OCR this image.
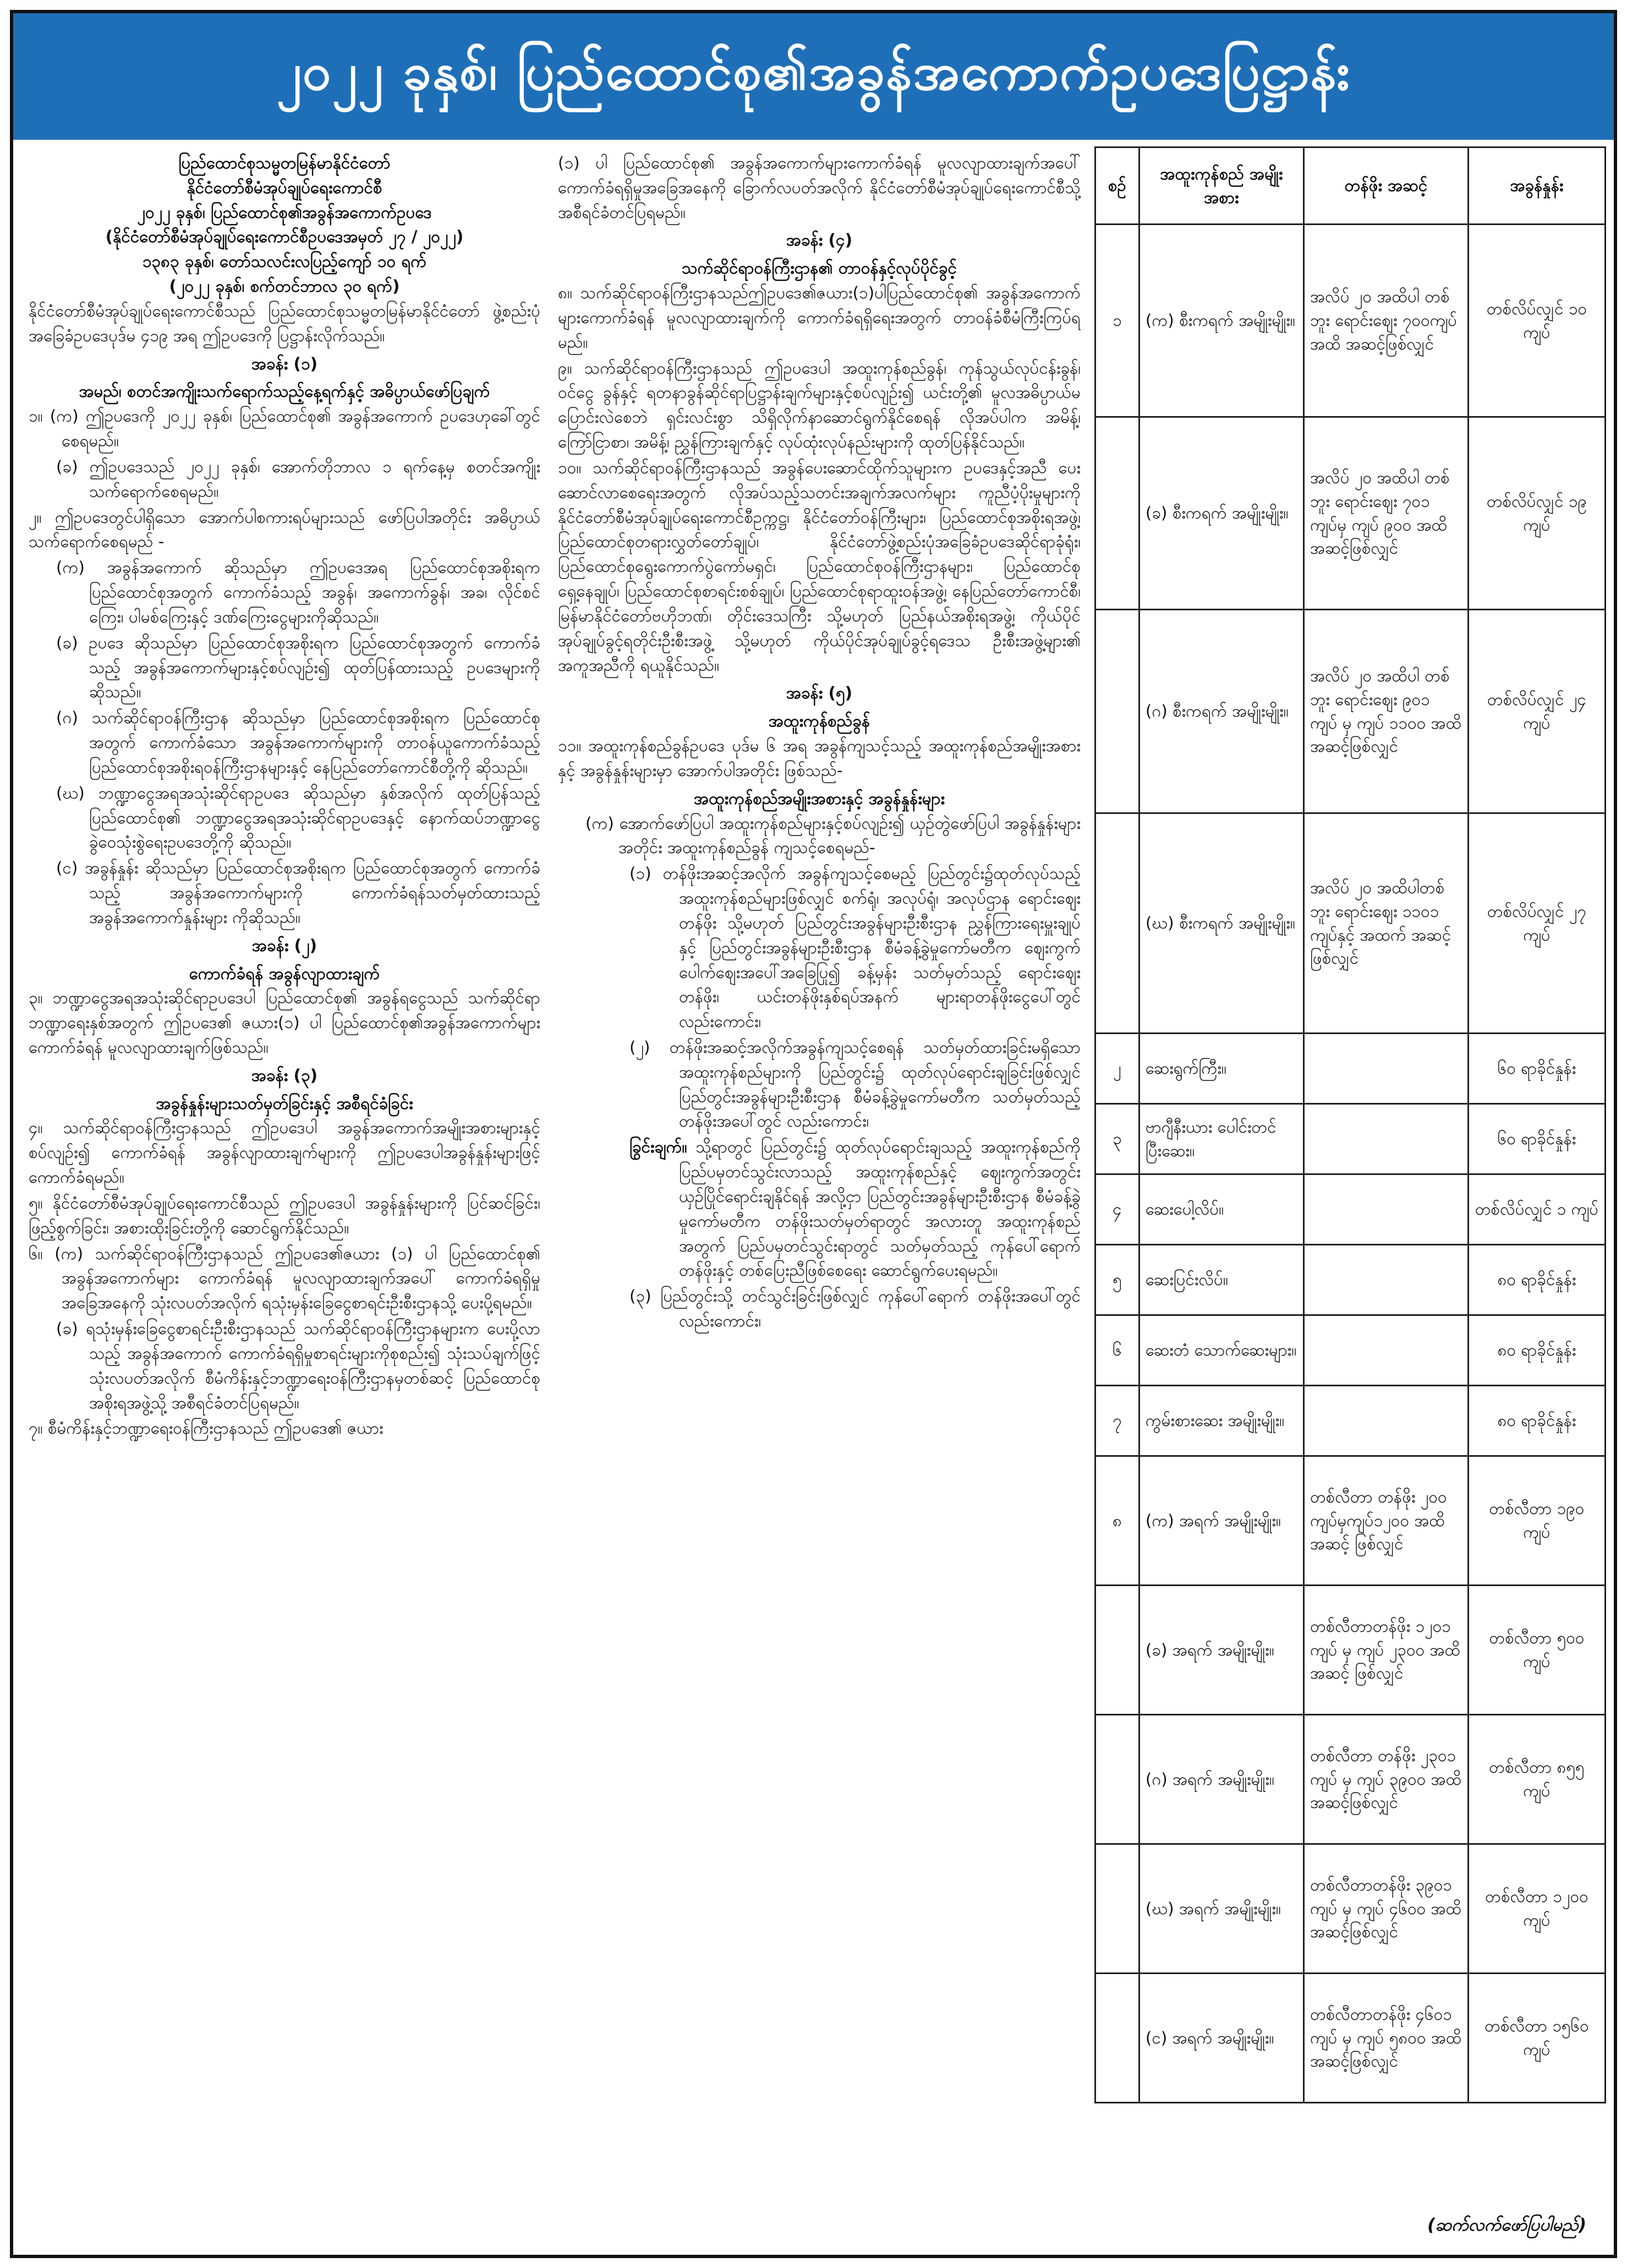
၂၀၂၂ ခုနှစ်၊ ပြည်ထောင်စု၏အခွန်အကောက်ဥပဒေပြဋ္ဌာန်း
ပြည်ထောင်စုသမ္မတမြန်မာနိုင်ငံတော်
နိုင်ငံတော်စီမံအုပ်ချုပ်ရေးကောင်စီ
၂၀၂၂ ခုနှစ်၊ ပြည်ထောင်စု၏အခွန်အကောက်ဥပဒေ
(နိုင်ငံတော်စီမံအုပ်ချုပ်ရေးကောင်စီဥပဒေအမှတ် ၂၇ / ၂၀၂၂)
၁၃၈၃ ခုနှစ်၊ တော်သလင်းလပြည့်ကျော် ၁၀ ရက်
(၂၀၂၂ ခုနှစ်၊ စက်တင်ဘာလ ၃၀ ရက်)

နိုင်ငံတော်စီမံအုပ်ချုပ်ရေးကောင်စီသည် ပြည်ထောင်စုသမ္မတမြန်မာနိုင်ငံတော် ဖွဲ့စည်းပုံအခြေခံဥပဒေပုဒ်မ ၄၁၉ အရ ဤဥပဒေကို ပြဋ္ဌာန်းလိုက်သည်။

အခန်း (၁)
အမည်၊ စတင်အကျိုးသက်ရောက်သည့်နေ့ရက်နှင့် အဓိပ္ပာယ်ဖော်ပြချက်

၁။ (က) ဤဥပဒေကို ၂၀၂၂ ခုနှစ်၊ ပြည်ထောင်စု၏ အခွန်အကောက် ဥပဒေဟုခေါ်တွင်စေရမည်။

(ခ) ဤဥပဒေသည် ၂၀၂၂ ခုနှစ်၊ အောက်တိုဘာလ ၁ ရက်နေ့မှ စတင်အကျိုးသက်ရောက်စေရမည်။

၂။ ဤဥပဒေတွင်ပါရှိသော အောက်ပါစကားရပ်များသည် ဖော်ပြပါအတိုင်း အဓိပ္ပာယ် သက်ရောက်စေရမည် -

(က) အခွန်အကောက် ဆိုသည်မှာ ဤဥပဒေအရ ပြည်ထောင်စုအစိုးရက ပြည်ထောင်စုအတွက် ကောက်ခံသည့် အခွန်၊ အကောက်ခွန်၊ အခ၊ လိုင်စင်ကြေး၊ ပါမစ်ကြေးနှင့် ဒဏ်ကြေးငွေများကိုဆိုသည်။

(ခ) ဥပဒေ ဆိုသည်မှာ ပြည်ထောင်စုအစိုးရက ပြည်ထောင်စုအတွက် ကောက်ခံသည့် အခွန်အကောက်များနှင့်စပ်လျဉ်း၍ ထုတ်ပြန်ထားသည့် ဥပဒေများကိုဆိုသည်။

(ဂ) သက်ဆိုင်ရာဝန်ကြီးဌာန ဆိုသည်မှာ ပြည်ထောင်စုအစိုးရက ပြည်ထောင်စုအတွက် ကောက်ခံသော အခွန်အကောက်များကို တာဝန်ယူကောက်ခံသည့်ပြည်ထောင်စုအစိုးရဝန်ကြီးဌာနများနှင့် နေပြည်တော်ကောင်စီတို့ကို ဆိုသည်။

(ဃ) ဘဏ္ဍာငွေအရအသုံးဆိုင်ရာဥပဒေ ဆိုသည်မှာ နှစ်အလိုက် ထုတ်ပြန်သည့် ပြည်ထောင်စု၏ ဘဏ္ဍာငွေအရအသုံးဆိုင်ရာဥပဒေနှင့် နောက်ထပ်ဘဏ္ဍာငွေခွဲဝေသုံးစွဲရေးဥပဒေတို့ကို ဆိုသည်။

(င) အခွန်နှုန်း ဆိုသည်မှာ ပြည်ထောင်စုအစိုးရက ပြည်ထောင်စုအတွက် ကောက်ခံသည့် အခွန်အကောက်များကို ကောက်ခံရန်သတ်မှတ်ထားသည့်အခွန်အကောက်နှုန်းများ ကိုဆိုသည်။

အခန်း (၂)
ကောက်ခံရန် အခွန်လျာထားချက်

၃။ ဘဏ္ဍာငွေအရအသုံးဆိုင်ရာဥပဒေပါ ပြည်ထောင်စု၏ အခွန်ရငွေသည် သက်ဆိုင်ရာ ဘဏ္ဍာရေးနှစ်အတွက် ဤဥပဒေ၏ ဇယား(၁) ပါ ပြည်ထောင်စု၏အခွန်အကောက်များ ကောက်ခံရန် မူလလျာထားချက်ဖြစ်သည်။

အခန်း (၃)
အခွန်နှုန်းများသတ်မှတ်ခြင်းနှင့် အစီရင်ခံခြင်း

၄။ သက်ဆိုင်ရာဝန်ကြီးဌာနသည် ဤဥပဒေပါ အခွန်အကောက်အမျိုးအစားများနှင့်စပ်လျဉ်း၍ ကောက်ခံရန် အခွန်လျာထားချက်များကို ဤဥပဒေပါအခွန်နှုန်းများဖြင့် ကောက်ခံရမည်။

၅။ နိုင်ငံတော်စီမံအုပ်ချုပ်ရေးကောင်စီသည် ဤဥပဒေပါ အခွန်နှုန်းများကို ပြင်ဆင်ခြင်း၊ ဖြည့်စွက်ခြင်း၊ အစားထိုးခြင်းတို့ကို ဆောင်ရွက်နိုင်သည်။

၆။ (က) သက်ဆိုင်ရာဝန်ကြီးဌာနသည် ဤဥပဒေ၏ဇယား (၁) ပါ ပြည်ထောင်စု၏ အခွန်အကောက်များ ကောက်ခံရန် မူလလျာထားချက်အပေါ် ကောက်ခံရရှိမှုအခြေအနေကို သုံးလပတ်အလိုက် ရသုံးမှန်းခြေငွေစာရင်းဦးစီးဌာနသို့ ပေးပို့ရမည်။

(ခ) ရသုံးမှန်းခြေငွေစာရင်းဦးစီးဌာနသည် သက်ဆိုင်ရာဝန်ကြီးဌာနများက ပေးပို့လာသည့် အခွန်အကောက် ကောက်ခံရရှိမှုစာရင်းများကိုစုစည်း၍ သုံးသပ်ချက်ဖြင့် သုံးလပတ်အလိုက် စီမံကိန်းနှင့်ဘဏ္ဍာရေးဝန်ကြီးဌာနမှတစ်ဆင့် ပြည်ထောင်စုအစိုးရအဖွဲ့သို့ အစီရင်ခံတင်ပြရမည်။

၇။ စီမံကိန်းနှင့်ဘဏ္ဍာရေးဝန်ကြီးဌာနသည် ဤဥပဒေ၏ ဇယား

(၁) ပါ ပြည်ထောင်စု၏ အခွန်အကောက်များကောက်ခံရန် မူလလျာထားချက်အပေါ် ကောက်ခံရရှိမှုအခြေအနေကို ခြောက်လပတ်အလိုက် နိုင်ငံတော်စီမံအုပ်ချုပ်ရေးကောင်စီသို့ အစီရင်ခံတင်ပြရမည်။

အခန်း (၄)
သက်ဆိုင်ရာဝန်ကြီးဌာန၏ တာဝန်နှင့်လုပ်ပိုင်ခွင့်

၈။ သက်ဆိုင်ရာဝန်ကြီးဌာနသည်ဤဥပဒေ၏ဇယား(၁)ပါပြည်ထောင်စု၏ အခွန်အကောက်များကောက်ခံရန် မူလလျာထားချက်ကို ကောက်ခံရရှိရေးအတွက် တာဝန်ခံစီမံကြီးကြပ်ရမည်။

၉။ သက်ဆိုင်ရာဝန်ကြီးဌာနသည် ဤဥပဒေပါ အထူးကုန်စည်ခွန်၊ ကုန်သွယ်လုပ်ငန်းခွန်၊ ဝင်ငွေ ခွန်နှင့် ရတနာခွန်ဆိုင်ရာပြဋ္ဌာန်းချက်များနှင့်စပ်လျဉ်း၍ ယင်းတို့၏ မူလအဓိပ္ပာယ်မပြောင်းလဲစေဘဲ ရှင်းလင်းစွာ သိရှိလိုက်နာဆောင်ရွက်နိုင်စေရန် လိုအပ်ပါက အမိန့်၊ ကြော်ငြာစာ၊ အမိန့်၊ ညွှန်ကြားချက်နှင့် လုပ်ထုံးလုပ်နည်းများကို ထုတ်ပြန်နိုင်သည်။

၁၀။ သက်ဆိုင်ရာဝန်ကြီးဌာနသည် အခွန်ပေးဆောင်ထိုက်သူများက ဥပဒေနှင့်အညီ ပေးဆောင်လာစေရေးအတွက် လိုအပ်သည့်သတင်းအချက်အလက်များ ကူညီပံ့ပိုးမှုများကို နိုင်ငံတော်စီမံအုပ်ချုပ်ရေးကောင်စီဥက္ကဋ္ဌ၊ နိုင်ငံတော်ဝန်ကြီးများ၊ ပြည်ထောင်စုအစိုးရအဖွဲ့၊ ပြည်ထောင်စုတရားလွှတ်တော်ချုပ်၊ နိုင်ငံတော်ဖွဲ့စည်းပုံအခြေခံဥပဒေဆိုင်ရာခုံရုံး၊ ပြည်ထောင်စုရွေးကောက်ပွဲကော်မရှင်၊ ပြည်ထောင်စုဝန်ကြီးဌာနများ၊ ပြည်ထောင်စုရှေ့နေချုပ်၊ ပြည်ထောင်စုစာရင်းစစ်ချုပ်၊ ပြည်ထောင်စုရာထူးဝန်အဖွဲ့၊ နေပြည်တော်ကောင်စီ၊ မြန်မာနိုင်ငံတော်ဗဟိုဘဏ်၊ တိုင်းဒေသကြီး သို့မဟုတ် ပြည်နယ်အစိုးရအဖွဲ့၊ ကိုယ်ပိုင်အုပ်ချုပ်ခွင့်ရတိုင်းဦးစီးအဖွဲ့ သို့မဟုတ် ကိုယ်ပိုင်အုပ်ချုပ်ခွင့်ရဒေသ ဦးစီးအဖွဲ့များ၏ အကူအညီကို ရယူနိုင်သည်။

အခန်း (၅)
အထူးကုန်စည်ခွန်

၁၁။ အထူးကုန်စည်ခွန်ဥပဒေ ပုဒ်မ ၆ အရ အခွန်ကျသင့်သည့် အထူးကုန်စည်အမျိုးအစားနှင့် အခွန်နှုန်းများမှာ အောက်ပါအတိုင်း ဖြစ်သည်-

အထူးကုန်စည်အမျိုးအစားနှင့် အခွန်နှုန်းများ

(က) အောက်ဖော်ပြပါ အထူးကုန်စည်များနှင့်စပ်လျဉ်း၍ ယှဉ်တွဲဖော်ပြပါ အခွန်နှုန်းများအတိုင်း အထူးကုန်စည်ခွန် ကျသင့်စေရမည်-

(၁) တန်ဖိုးအဆင့်အလိုက် အခွန်ကျသင့်စေမည့် ပြည်တွင်း၌ထုတ်လုပ်သည့် အထူးကုန်စည်များဖြစ်လျှင် စက်ရုံ၊ အလုပ်ရုံ၊ အလုပ်ဌာန ရောင်းဈေးတန်ဖိုး သို့မဟုတ် ပြည်တွင်းအခွန်များဦးစီးဌာန ညွှန်ကြားရေးမှူးချုပ်နှင့် ပြည်တွင်းအခွန်များဦးစီးဌာန စီမံခန့်ခွဲမှုကော်မတီက ဈေးကွက်ပေါက်ဈေးအပေါ်အခြေပြု၍ ခန့်မှန်း သတ်မှတ်သည့် ရောင်းဈေးတန်ဖိုး၊ ယင်းတန်ဖိုးနှစ်ရပ်အနက် များရာတန်ဖိုးငွေပေါ်တွင် လည်းကောင်း၊

(၂) တန်ဖိုးအဆင့်အလိုက်အခွန်ကျသင့်စေရန် သတ်မှတ်ထားခြင်းမရှိသော အထူးကုန်စည်များကို ပြည်တွင်း၌ ထုတ်လုပ်ရောင်းချခြင်းဖြစ်လျှင် ပြည်တွင်းအခွန်များဦးစီးဌာန စီမံခန့်ခွဲမှုကော်မတီက သတ်မှတ်သည့် တန်ဖိုးအပေါ်တွင် လည်းကောင်း၊

ခြွင်းချက်။ သို့ရာတွင် ပြည်တွင်း၌ ထုတ်လုပ်ရောင်းချသည့် အထူးကုန်စည်ကို ပြည်ပမှတင်သွင်းလာသည့် အထူးကုန်စည်နှင့် ဈေးကွက်အတွင်း ယှဉ်ပြိုင်ရောင်းချနိုင်ရန် အလို့ငှာ ပြည်တွင်းအခွန်များဦးစီးဌာန စီမံခန့်ခွဲမှုကော်မတီက တန်ဖိုးသတ်မှတ်ရာတွင် အလားတူ အထူးကုန်စည် အတွက် ပြည်ပမှတင်သွင်းရာတွင် သတ်မှတ်သည့် ကုန်ပေါ်ရောက် တန်ဖိုးနှင့် တစ်ပြေးညီဖြစ်စေရေး ဆောင်ရွက်ပေးရမည်။

(၃) ပြည်တွင်းသို့ တင်သွင်းခြင်းဖြစ်လျှင် ကုန်ပေါ်ရောက် တန်ဖိုးအပေါ်တွင် လည်းကောင်း၊

စဉ်	အထူးကုန်စည် အမျိုးအစား	တန်ဖိုး အဆင့်	အခွန်နှုန်း
၁	(က) စီးကရက် အမျိုးမျိုး။	အလိပ် ၂၀ အထိပါ တစ်ဘူး ရောင်းဈေး ၇၀၀ကျပ် အထိ အဆင့်ဖြစ်လျှင်	တစ်လိပ်လျှင် ၁၀ ကျပ်
	(ခ) စီးကရက် အမျိုးမျိုး။	အလိပ် ၂၀ အထိပါ တစ်ဘူး ရောင်းဈေး ၇၀၁ ကျပ်မှ ကျပ် ၉၀၀ အထိ အဆင့်ဖြစ်လျှင်	တစ်လိပ်လျှင် ၁၉ ကျပ်
	(ဂ) စီးကရက် အမျိုးမျိုး။	အလိပ် ၂၀ အထိပါ တစ်ဘူး ရောင်းဈေး ၉၀၁ ကျပ် မှ ကျပ် ၁၁၀၀ အထိ အဆင့်ဖြစ်လျှင်	တစ်လိပ်လျှင် ၂၄ ကျပ်
	(ဃ) စီးကရက် အမျိုးမျိုး။	အလိပ် ၂၀ အထိပါတစ်ဘူး ရောင်းဈေး ၁၁၀၁ ကျပ်နှင့် အထက် အဆင့်ဖြစ်လျှင်	တစ်လိပ်လျှင် ၂၇ ကျပ်
၂	ဆေးရွက်ကြီး။		၆၀ ရာခိုင်နှုန်း
၃	ဗာဂျီနီးယား ပေါင်းတင်ပြီးဆေး။		၆၀ ရာခိုင်နှုန်း
၄	ဆေးပေါ့လိပ်။		တစ်လိပ်လျှင် ၁ ကျပ်
၅	ဆေးပြင်းလိပ်။		၈၀ ရာခိုင်နှုန်း
၆	ဆေးတံ သောက်ဆေးများ။		၈၀ ရာခိုင်နှုန်း
၇	ကွမ်းစားဆေး အမျိုးမျိုး။		၈၀ ရာခိုင်နှုန်း
၈	(က) အရက် အမျိုးမျိုး။	တစ်လီတာ တန်ဖိုး ၂၀၀ ကျပ်မှကျပ်၁၂၀၀ အထိ အဆင့် ဖြစ်လျှင်	တစ်လီတာ ၁၉၀ ကျပ်
	(ခ) အရက် အမျိုးမျိုး။	တစ်လီတာတန်ဖိုး ၁၂၀၁ ကျပ် မှ ကျပ် ၂၃၀၀ အထိ အဆင့် ဖြစ်လျှင်	တစ်လီတာ ၅၀၀ ကျပ်
	(ဂ) အရက် အမျိုးမျိုး။	တစ်လီတာ တန်ဖိုး ၂၃၀၁ ကျပ် မှ ကျပ် ၃၉၀၀ အထိ အဆင့်ဖြစ်လျှင်	တစ်လီတာ ၈၅၅ ကျပ်
	(ဃ) အရက် အမျိုးမျိုး။	တစ်လီတာတန်ဖိုး ၃၉၀၁ ကျပ် မှ ကျပ် ၄၆၀၀ အထိ အဆင့်ဖြစ်လျှင်	တစ်လီတာ ၁၂၀၀ ကျပ်
	(င) အရက် အမျိုးမျိုး။	တစ်လီတာတန်ဖိုး ၄၆၀၁ ကျပ် မှ ကျပ် ၅၈၀၀ အထိ အဆင့်ဖြစ်လျှင်	တစ်လီတာ ၁၅၆၀ ကျပ်
(ဆက်လက်ဖော်ပြပါမည်)
